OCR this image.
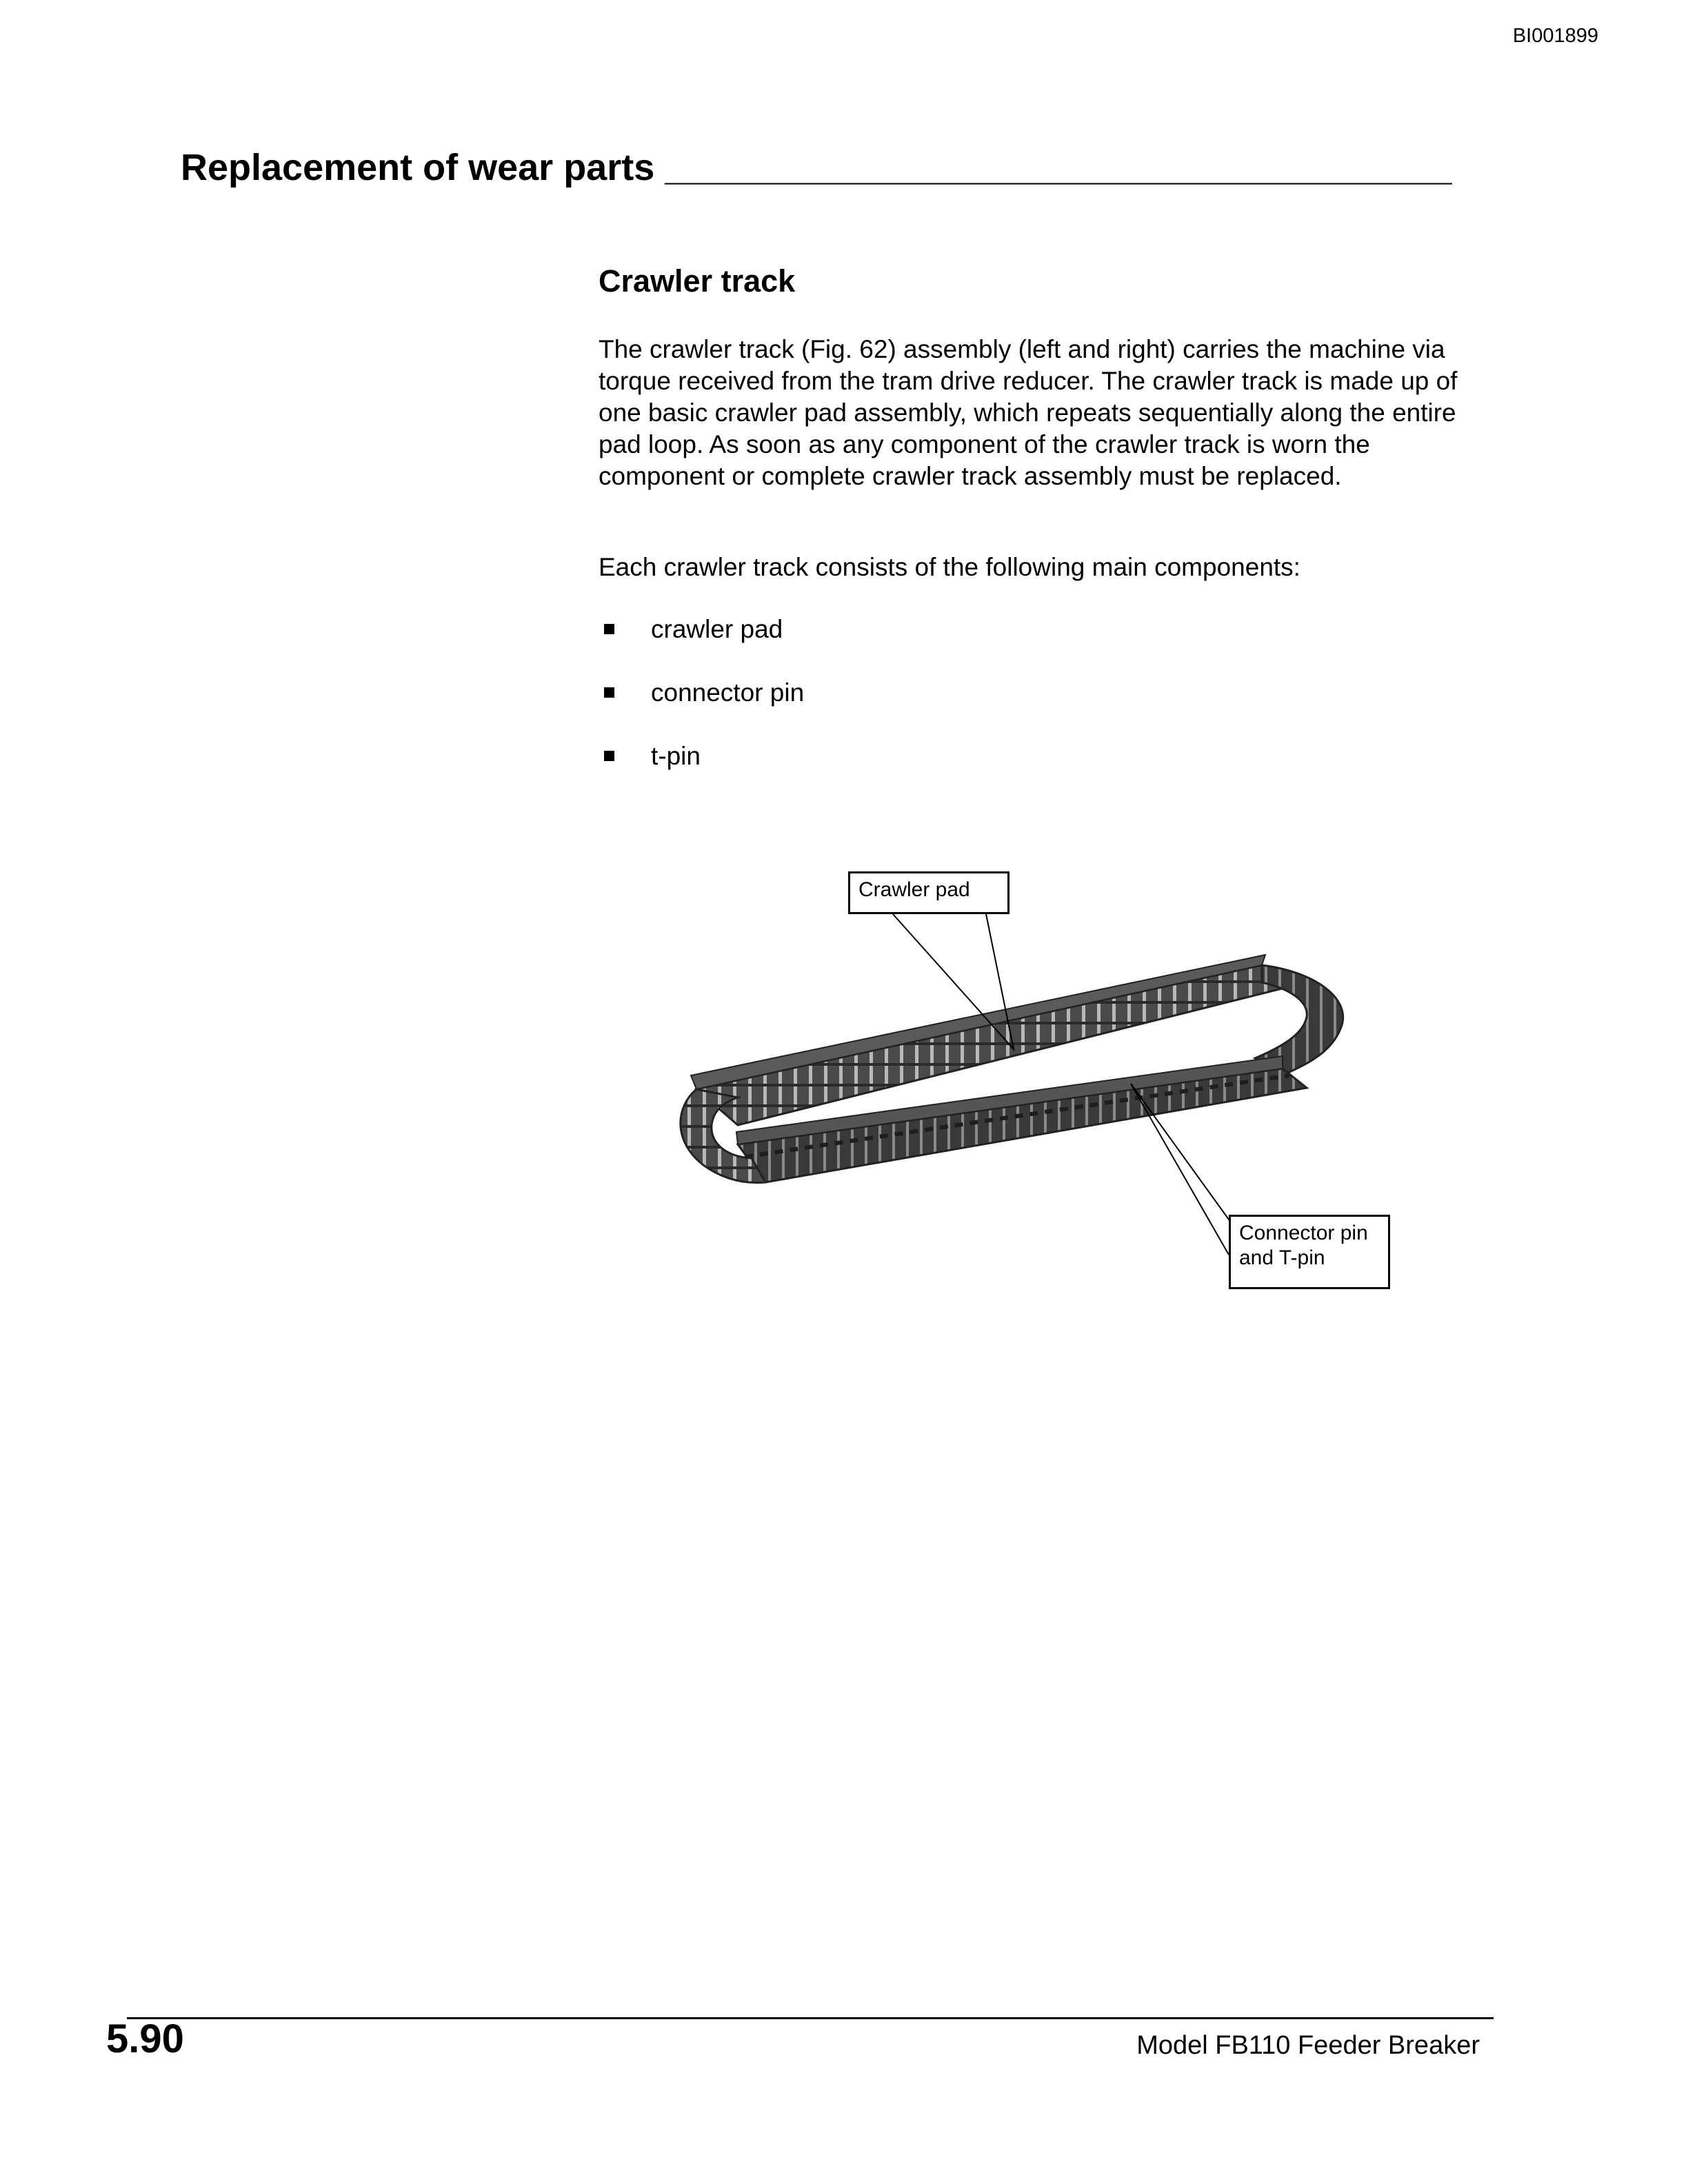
BI001899
Replacement of wear parts ______________________________________
Crawler track
The crawler track (Fig. 62) assembly (left and right) carries the machine via torque received from the tram drive reducer. The crawler track is made up of one basic crawler pad assembly, which repeats sequentially along the entire pad loop. As soon as any component of the crawler track is worn the component or complete crawler track assembly must be replaced.
Each crawler track consists of the following main components:
crawler pad
connector pin
t-pin
Crawler pad
Connector pin
and T-pin
5.90	Model FB110 Feeder Breaker
